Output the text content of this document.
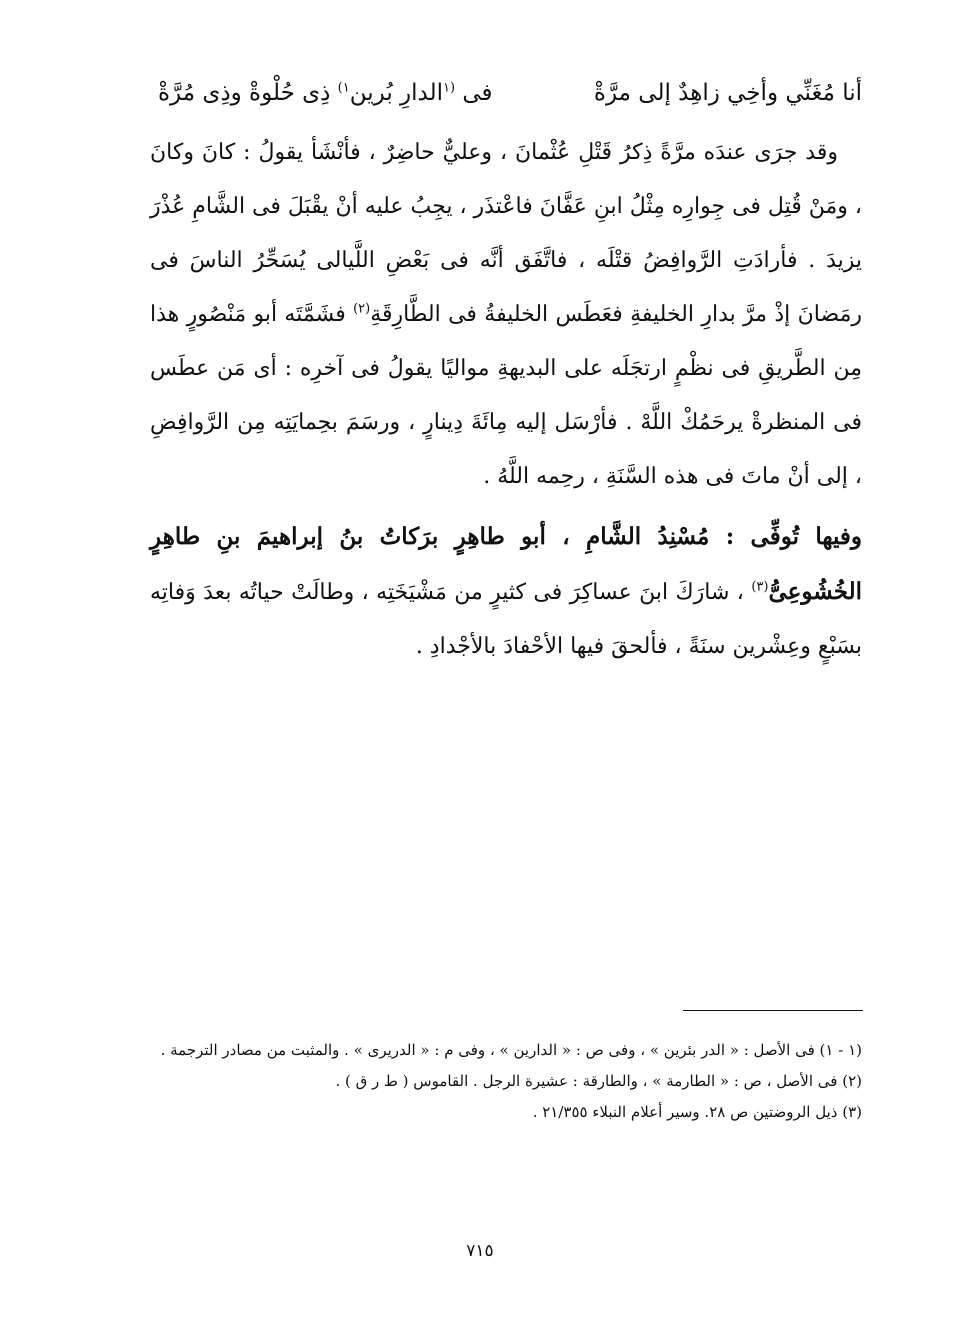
أنا مُغَنِّي وأخِي زاهِدٌ إلى مرَّةْ
فى $^{(١}$الدارِ بُرين$^{١)}$ ذِى حُلْوةْ وذِى مُرَّةْ

وقد جرَى عندَه مرَّةً ذِكرُ قَتْلِ عُثْمانَ ، وعليٌّ حاضِرٌ ، فأنْشَأ يقولُ : كانَ وكانَ ، ومَنْ قُتِل فى جِوارِه مِثْلُ ابنِ عَفَّانَ فاعْتذَر ، يجِبُ عليه أنْ يقْبَلَ فى الشَّامِ عُذْرَ يزيدَ . فأرادَتِ الرَّوافِضُ قتْلَه ، فاتَّفَق أنَّه فى بَعْضِ اللَّيالى يُسَحِّرُ الناسَ فى رمَضانَ إذْ مرَّ بدارِ الخليفةِ فعَطَس الخليفةُ فى الطَّارِقَةِ$^{(٢)}$ فشَمَّتَه أبو مَنْصُورٍ هذا مِن الطَّريقِ فى نظْمٍ ارتجَلَه على البديهةِ مواليًا يقولُ فى آخرِه : أى مَن عطَس فى المنظرةْ يرحَمُكْ اللَّهْ . فأرْسَل إليه مِائَةَ دِينارٍ ، ورسَمَ بحِمايَتِه مِن الرَّوافِضِ ، إلى أنْ ماتَ فى هذه السَّنَةِ ، رحِمه اللَّهُ .

وفيها تُوفِّى : مُسْنِدُ الشَّامِ ، أبو طاهِرٍ برَكاتُ بنُ إبراهيمَ بنِ طاهِرٍ الخُشُوعِىُّ$^{(٣)}$ ، شارَكَ ابنَ عساكِرَ فى كثيرٍ من مَشْيَخَتِه ، وطالَتْ حياتُه بعدَ وَفاتِه بسَبْعٍ وعِشْرين سنَةً ، فألحقَ فيها الأحْفادَ بالأجْدادِ .

(١ - ١) فى الأصل : « الدر بئرين » ، وفى ص : « الدارين » ، وفى م : « الدريرى » . والمثبت من مصادر الترجمة .

(٢) فى الأصل ، ص : « الطارمة » ، والطارقة : عشيرة الرجل . القاموس ( ط ر ق ) .

(٣) ذيل الروضتين ص ٢٨. وسير أعلام النبلاء ٢١/٣٥٥ .

٧١٥
